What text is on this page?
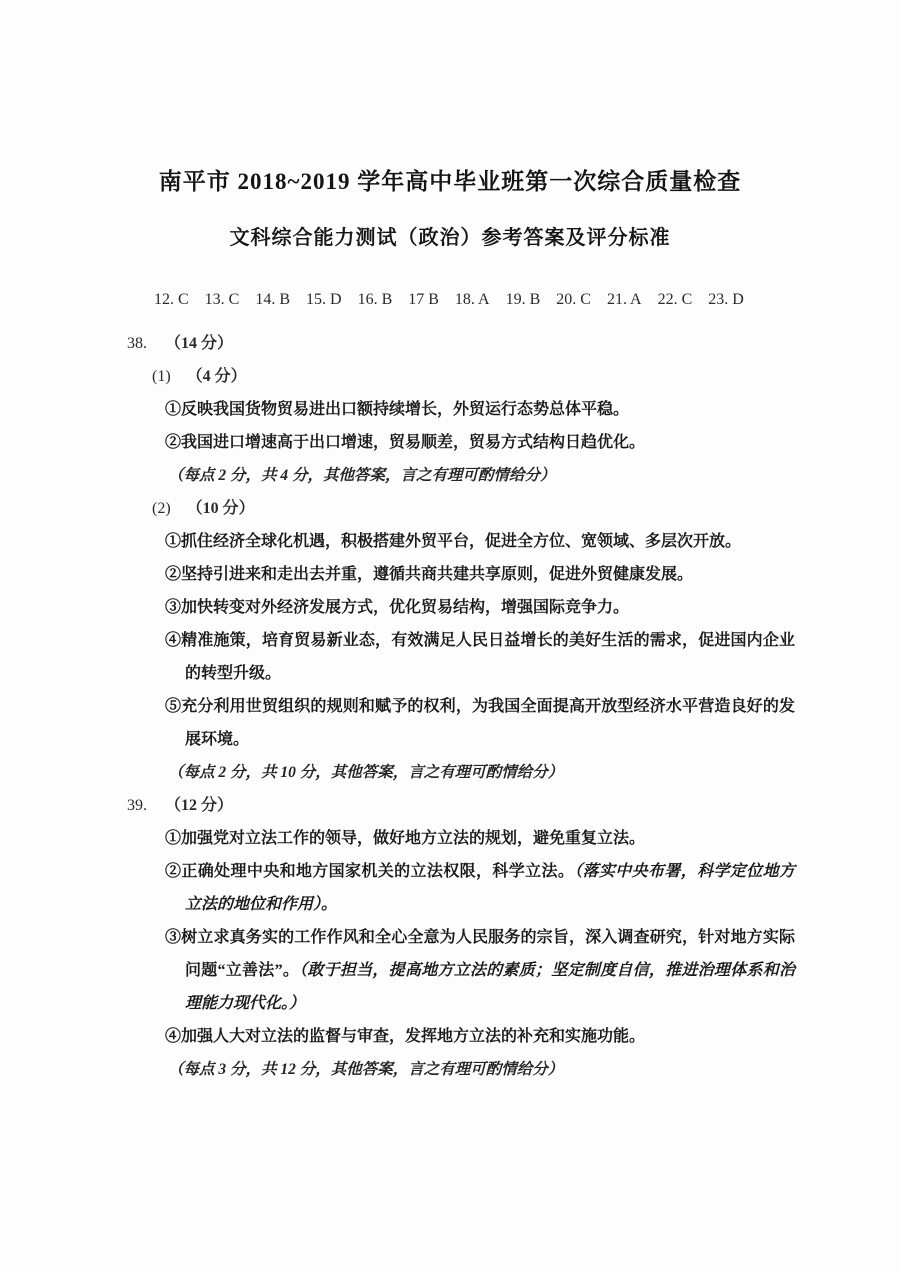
南平市 2018~2019 学年高中毕业班第一次综合质量检查
文科综合能力测试（政治）参考答案及评分标准
12. C 13. C 14. B 15. D 16. B 17 B 18. A 19. B 20. C 21. A 22. C 23. D
38. （14 分）
(1) （4 分）
①反映我国货物贸易进出口额持续增长，外贸运行态势总体平稳。
②我国进口增速高于出口增速，贸易顺差，贸易方式结构日趋优化。
（每点 2 分，共 4 分，其他答案，言之有理可酌情给分）
(2) （10 分）
①抓住经济全球化机遇，积极搭建外贸平台，促进全方位、宽领域、多层次开放。
②坚持引进来和走出去并重，遵循共商共建共享原则，促进外贸健康发展。
③加快转变对外经济发展方式，优化贸易结构，增强国际竞争力。
④精准施策，培育贸易新业态，有效满足人民日益增长的美好生活的需求，促进国内企业的转型升级。
⑤充分利用世贸组织的规则和赋予的权利，为我国全面提高开放型经济水平营造良好的发展环境。
（每点 2 分，共 10 分，其他答案，言之有理可酌情给分）
39. （12 分）
①加强党对立法工作的领导，做好地方立法的规划，避免重复立法。
②正确处理中央和地方国家机关的立法权限，科学立法。（落实中央布署，科学定位地方立法的地位和作用）。
③树立求真务实的工作作风和全心全意为人民服务的宗旨，深入调查研究，针对地方实际问题“立善法”。（敢于担当，提高地方立法的素质；坚定制度自信，推进治理体系和治理能力现代化。）
④加强人大对立法的监督与审查，发挥地方立法的补充和实施功能。
（每点 3 分，共 12 分，其他答案，言之有理可酌情给分）
